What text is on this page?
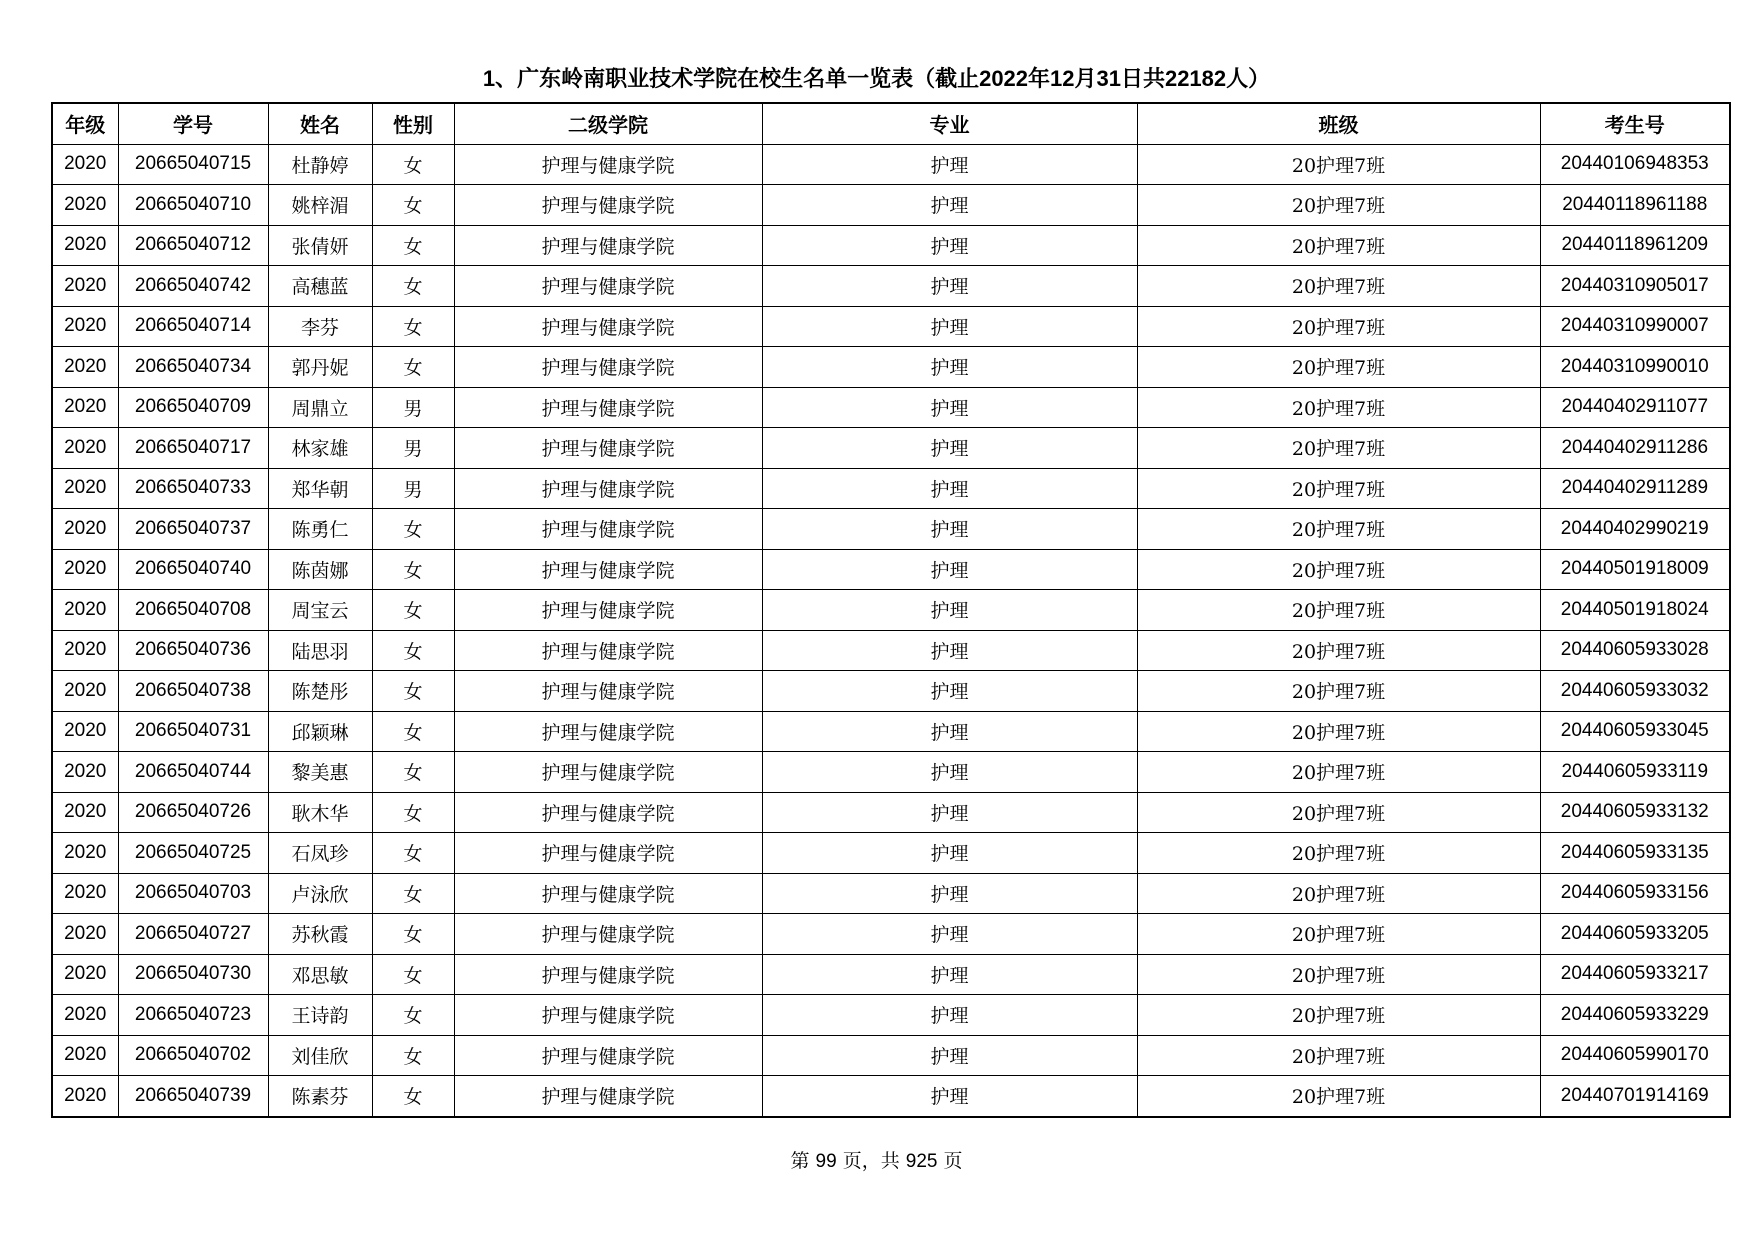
1、广东岭南职业技术学院在校生名单一览表（截止2022年12月31日共22182人）
年级	学号	姓名	性别	二级学院	专业	班级	考生号
2020	20665040715	杜静婷	女	护理与健康学院	护理	20护理7班	20440106948353
2020	20665040710	姚梓湄	女	护理与健康学院	护理	20护理7班	20440118961188
2020	20665040712	张倩妍	女	护理与健康学院	护理	20护理7班	20440118961209
2020	20665040742	高穗蓝	女	护理与健康学院	护理	20护理7班	20440310905017
2020	20665040714	李芬	女	护理与健康学院	护理	20护理7班	20440310990007
2020	20665040734	郭丹妮	女	护理与健康学院	护理	20护理7班	20440310990010
2020	20665040709	周鼎立	男	护理与健康学院	护理	20护理7班	20440402911077
2020	20665040717	林家雄	男	护理与健康学院	护理	20护理7班	20440402911286
2020	20665040733	郑华朝	男	护理与健康学院	护理	20护理7班	20440402911289
2020	20665040737	陈勇仁	女	护理与健康学院	护理	20护理7班	20440402990219
2020	20665040740	陈茵娜	女	护理与健康学院	护理	20护理7班	20440501918009
2020	20665040708	周宝云	女	护理与健康学院	护理	20护理7班	20440501918024
2020	20665040736	陆思羽	女	护理与健康学院	护理	20护理7班	20440605933028
2020	20665040738	陈楚彤	女	护理与健康学院	护理	20护理7班	20440605933032
2020	20665040731	邱颖琳	女	护理与健康学院	护理	20护理7班	20440605933045
2020	20665040744	黎美惠	女	护理与健康学院	护理	20护理7班	20440605933119
2020	20665040726	耿木华	女	护理与健康学院	护理	20护理7班	20440605933132
2020	20665040725	石凤珍	女	护理与健康学院	护理	20护理7班	20440605933135
2020	20665040703	卢泳欣	女	护理与健康学院	护理	20护理7班	20440605933156
2020	20665040727	苏秋霞	女	护理与健康学院	护理	20护理7班	20440605933205
2020	20665040730	邓思敏	女	护理与健康学院	护理	20护理7班	20440605933217
2020	20665040723	王诗韵	女	护理与健康学院	护理	20护理7班	20440605933229
2020	20665040702	刘佳欣	女	护理与健康学院	护理	20护理7班	20440605990170
2020	20665040739	陈素芬	女	护理与健康学院	护理	20护理7班	20440701914169
第 99 页，共 925 页
